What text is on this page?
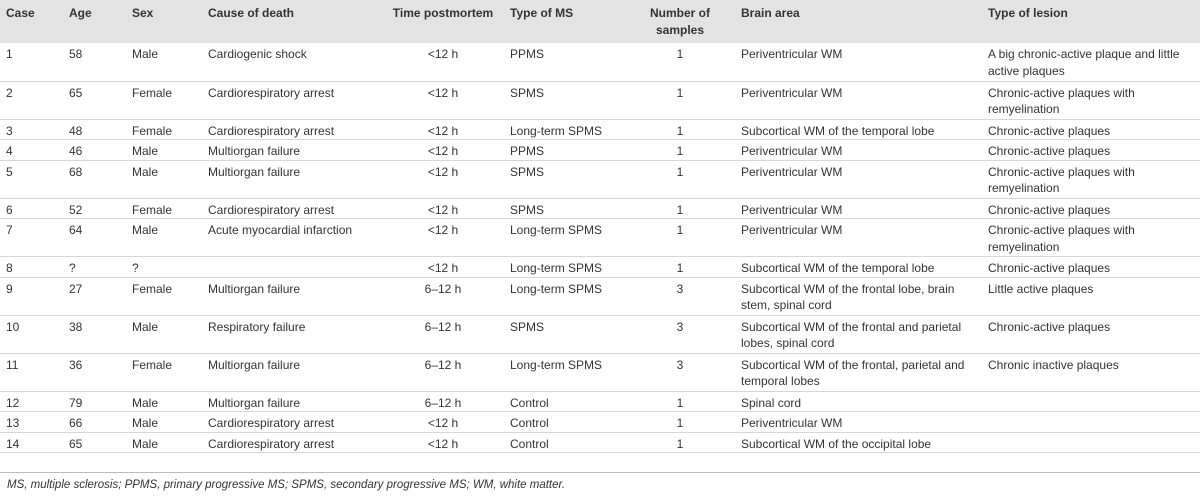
Case	Age	Sex	Cause of death	Time postmortem	Type of MS	Number of samples	Brain area	Type of lesion
1	58	Male	Cardiogenic shock	<12 h	PPMS	1	Periventricular WM	A big chronic-active plaque and little active plaques
2	65	Female	Cardiorespiratory arrest	<12 h	SPMS	1	Periventricular WM	Chronic-active plaques with remyelination
3	48	Female	Cardiorespiratory arrest	<12 h	Long-term SPMS	1	Subcortical WM of the temporal lobe	Chronic-active plaques
4	46	Male	Multiorgan failure	<12 h	PPMS	1	Periventricular WM	Chronic-active plaques
5	68	Male	Multiorgan failure	<12 h	SPMS	1	Periventricular WM	Chronic-active plaques with remyelination
6	52	Female	Cardiorespiratory arrest	<12 h	SPMS	1	Periventricular WM	Chronic-active plaques
7	64	Male	Acute myocardial infarction	<12 h	Long-term SPMS	1	Periventricular WM	Chronic-active plaques with remyelination
8	?	?		<12 h	Long-term SPMS	1	Subcortical WM of the temporal lobe	Chronic-active plaques
9	27	Female	Multiorgan failure	6–12 h	Long-term SPMS	3	Subcortical WM of the frontal lobe, brain stem, spinal cord	Little active plaques
10	38	Male	Respiratory failure	6–12 h	SPMS	3	Subcortical WM of the frontal and parietal lobes, spinal cord	Chronic-active plaques
11	36	Female	Multiorgan failure	6–12 h	Long-term SPMS	3	Subcortical WM of the frontal, parietal and temporal lobes	Chronic inactive plaques
12	79	Male	Multiorgan failure	6–12 h	Control	1	Spinal cord	
13	66	Male	Cardiorespiratory arrest	<12 h	Control	1	Periventricular WM	
14	65	Male	Cardiorespiratory arrest	<12 h	Control	1	Subcortical WM of the occipital lobe	
MS, multiple sclerosis; PPMS, primary progressive MS; SPMS, secondary progressive MS; WM, white matter.
